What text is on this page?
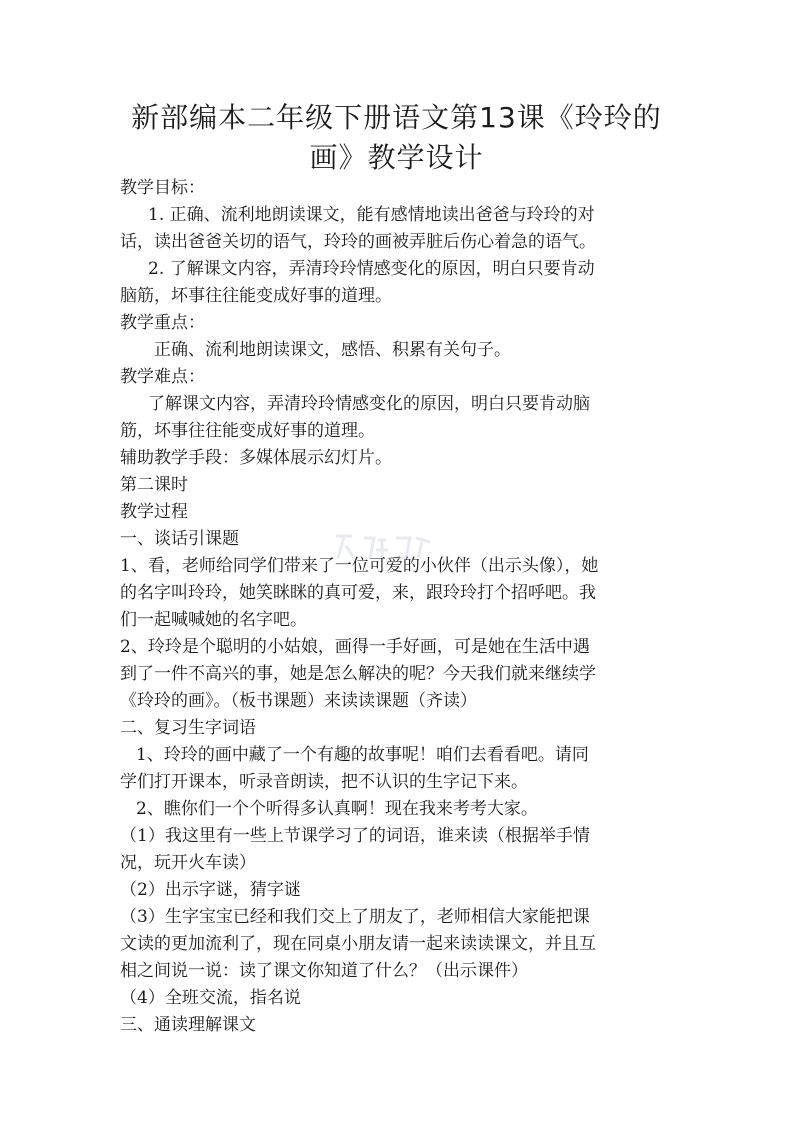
新部编本二年级下册语文第13课《玲玲的
画》教学设计
教学目标：
1. 正确、流利地朗读课文，能有感情地读出爸爸与玲玲的对
话，读出爸爸关切的语气，玲玲的画被弄脏后伤心着急的语气。
2. 了解课文内容，弄清玲玲情感变化的原因，明白只要肯动
脑筋，坏事往往能变成好事的道理。
教学重点：
正确、流利地朗读课文，感悟、积累有关句子。
教学难点：
了解课文内容，弄清玲玲情感变化的原因，明白只要肯动脑
筋，坏事往往能变成好事的道理。
辅助教学手段：多媒体展示幻灯片。
第二课时
教学过程
一、谈话引课题
1、看，老师给同学们带来了一位可爱的小伙伴（出示头像），她
的名字叫玲玲，她笑眯眯的真可爱，来，跟玲玲打个招呼吧。我
们一起喊喊她的名字吧。
2、玲玲是个聪明的小姑娘，画得一手好画，可是她在生活中遇
到了一件不高兴的事，她是怎么解决的呢？今天我们就来继续学
《玲玲的画》。（板书课题）来读读课题（齐读）
二、复习生字词语
1、玲玲的画中藏了一个有趣的故事呢！咱们去看看吧。请同
学们打开课本，听录音朗读，把不认识的生字记下来。
2、瞧你们一个个听得多认真啊！现在我来考考大家。
（1）我这里有一些上节课学习了的词语，谁来读（根据举手情
况，玩开火车读）
（2）出示字谜，猜字谜
（3）生字宝宝已经和我们交上了朋友了，老师相信大家能把课
文读的更加流利了，现在同桌小朋友请一起来读读课文，并且互
相之间说一说：读了课文你知道了什么？（出示课件）
（4）全班交流，指名说
三、通读理解课文
